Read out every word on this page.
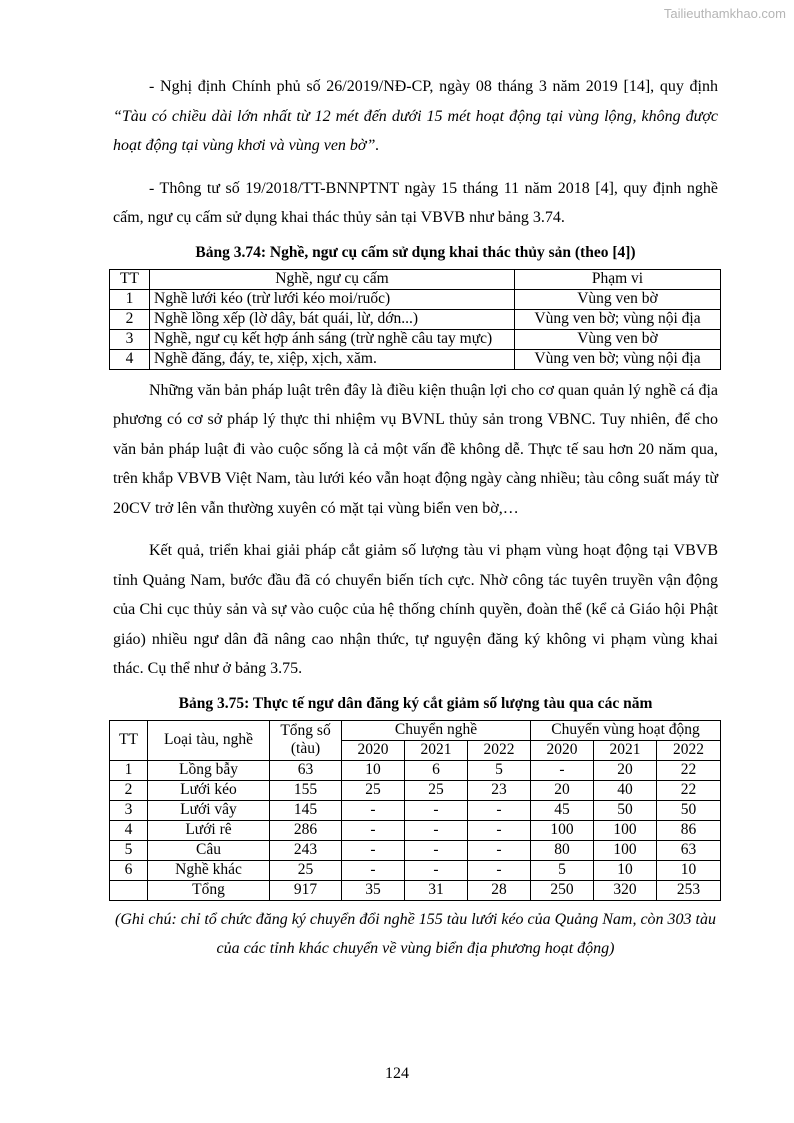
Tailieuthamkhao.com

- Nghị định Chính phủ số 26/2019/NĐ-CP, ngày 08 tháng 3 năm 2019 [14], quy định “Tàu có chiều dài lớn nhất từ 12 mét đến dưới 15 mét hoạt động tại vùng lộng, không được hoạt động tại vùng khơi và vùng ven bờ”.

- Thông tư số 19/2018/TT-BNNPTNT ngày 15 tháng 11 năm 2018 [4], quy định nghề cấm, ngư cụ cấm sử dụng khai thác thủy sản tại VBVB như bảng 3.74.

Bảng 3.74: Nghề, ngư cụ cấm sử dụng khai thác thủy sản (theo [4])
TT	Nghề, ngư cụ cấm	Phạm vi
1	Nghề lưới kéo (trừ lưới kéo moi/ruốc)	Vùng ven bờ
2	Nghề lồng xếp (lờ dây, bát quái, lừ, dớn...)	Vùng ven bờ; vùng nội địa
3	Nghề, ngư cụ kết hợp ánh sáng (trừ nghề câu tay mực)	Vùng ven bờ
4	Nghề đăng, đáy, te, xiệp, xịch, xăm.	Vùng ven bờ; vùng nội địa

Những văn bản pháp luật trên đây là điều kiện thuận lợi cho cơ quan quản lý nghề cá địa phương có cơ sở pháp lý thực thi nhiệm vụ BVNL thủy sản trong VBNC. Tuy nhiên, để cho văn bản pháp luật đi vào cuộc sống là cả một vấn đề không dễ. Thực tế sau hơn 20 năm qua, trên khắp VBVB Việt Nam, tàu lưới kéo vẫn hoạt động ngày càng nhiều; tàu công suất máy từ 20CV trở lên vẫn thường xuyên có mặt tại vùng biển ven bờ,…

Kết quả, triển khai giải pháp cắt giảm số lượng tàu vi phạm vùng hoạt động tại VBVB tỉnh Quảng Nam, bước đầu đã có chuyển biến tích cực. Nhờ công tác tuyên truyền vận động của Chi cục thủy sản và sự vào cuộc của hệ thống chính quyền, đoàn thể (kể cả Giáo hội Phật giáo) nhiều ngư dân đã nâng cao nhận thức, tự nguyện đăng ký không vi phạm vùng khai thác. Cụ thể như ở bảng 3.75.

Bảng 3.75: Thực tế ngư dân đăng ký cắt giảm số lượng tàu qua các năm
TT	Loại tàu, nghề	Tổng số (tàu)	Chuyển nghề			Chuyển vùng hoạt động		
			2020	2021	2022	2020	2021	2022
1	Lồng bẫy	63	10	6	5	-	20	22
2	Lưới kéo	155	25	25	23	20	40	22
3	Lưới vây	145	-	-	-	45	50	50
4	Lưới rê	286	-	-	-	100	100	86
5	Câu	243	-	-	-	80	100	63
6	Nghề khác	25	-	-	-	5	10	10
	Tổng	917	35	31	28	250	320	253
(Ghi chú: chỉ tổ chức đăng ký chuyển đổi nghề 155 tàu lưới kéo của Quảng Nam, còn 303 tàu của các tỉnh khác chuyển về vùng biển địa phương hoạt động)
124
